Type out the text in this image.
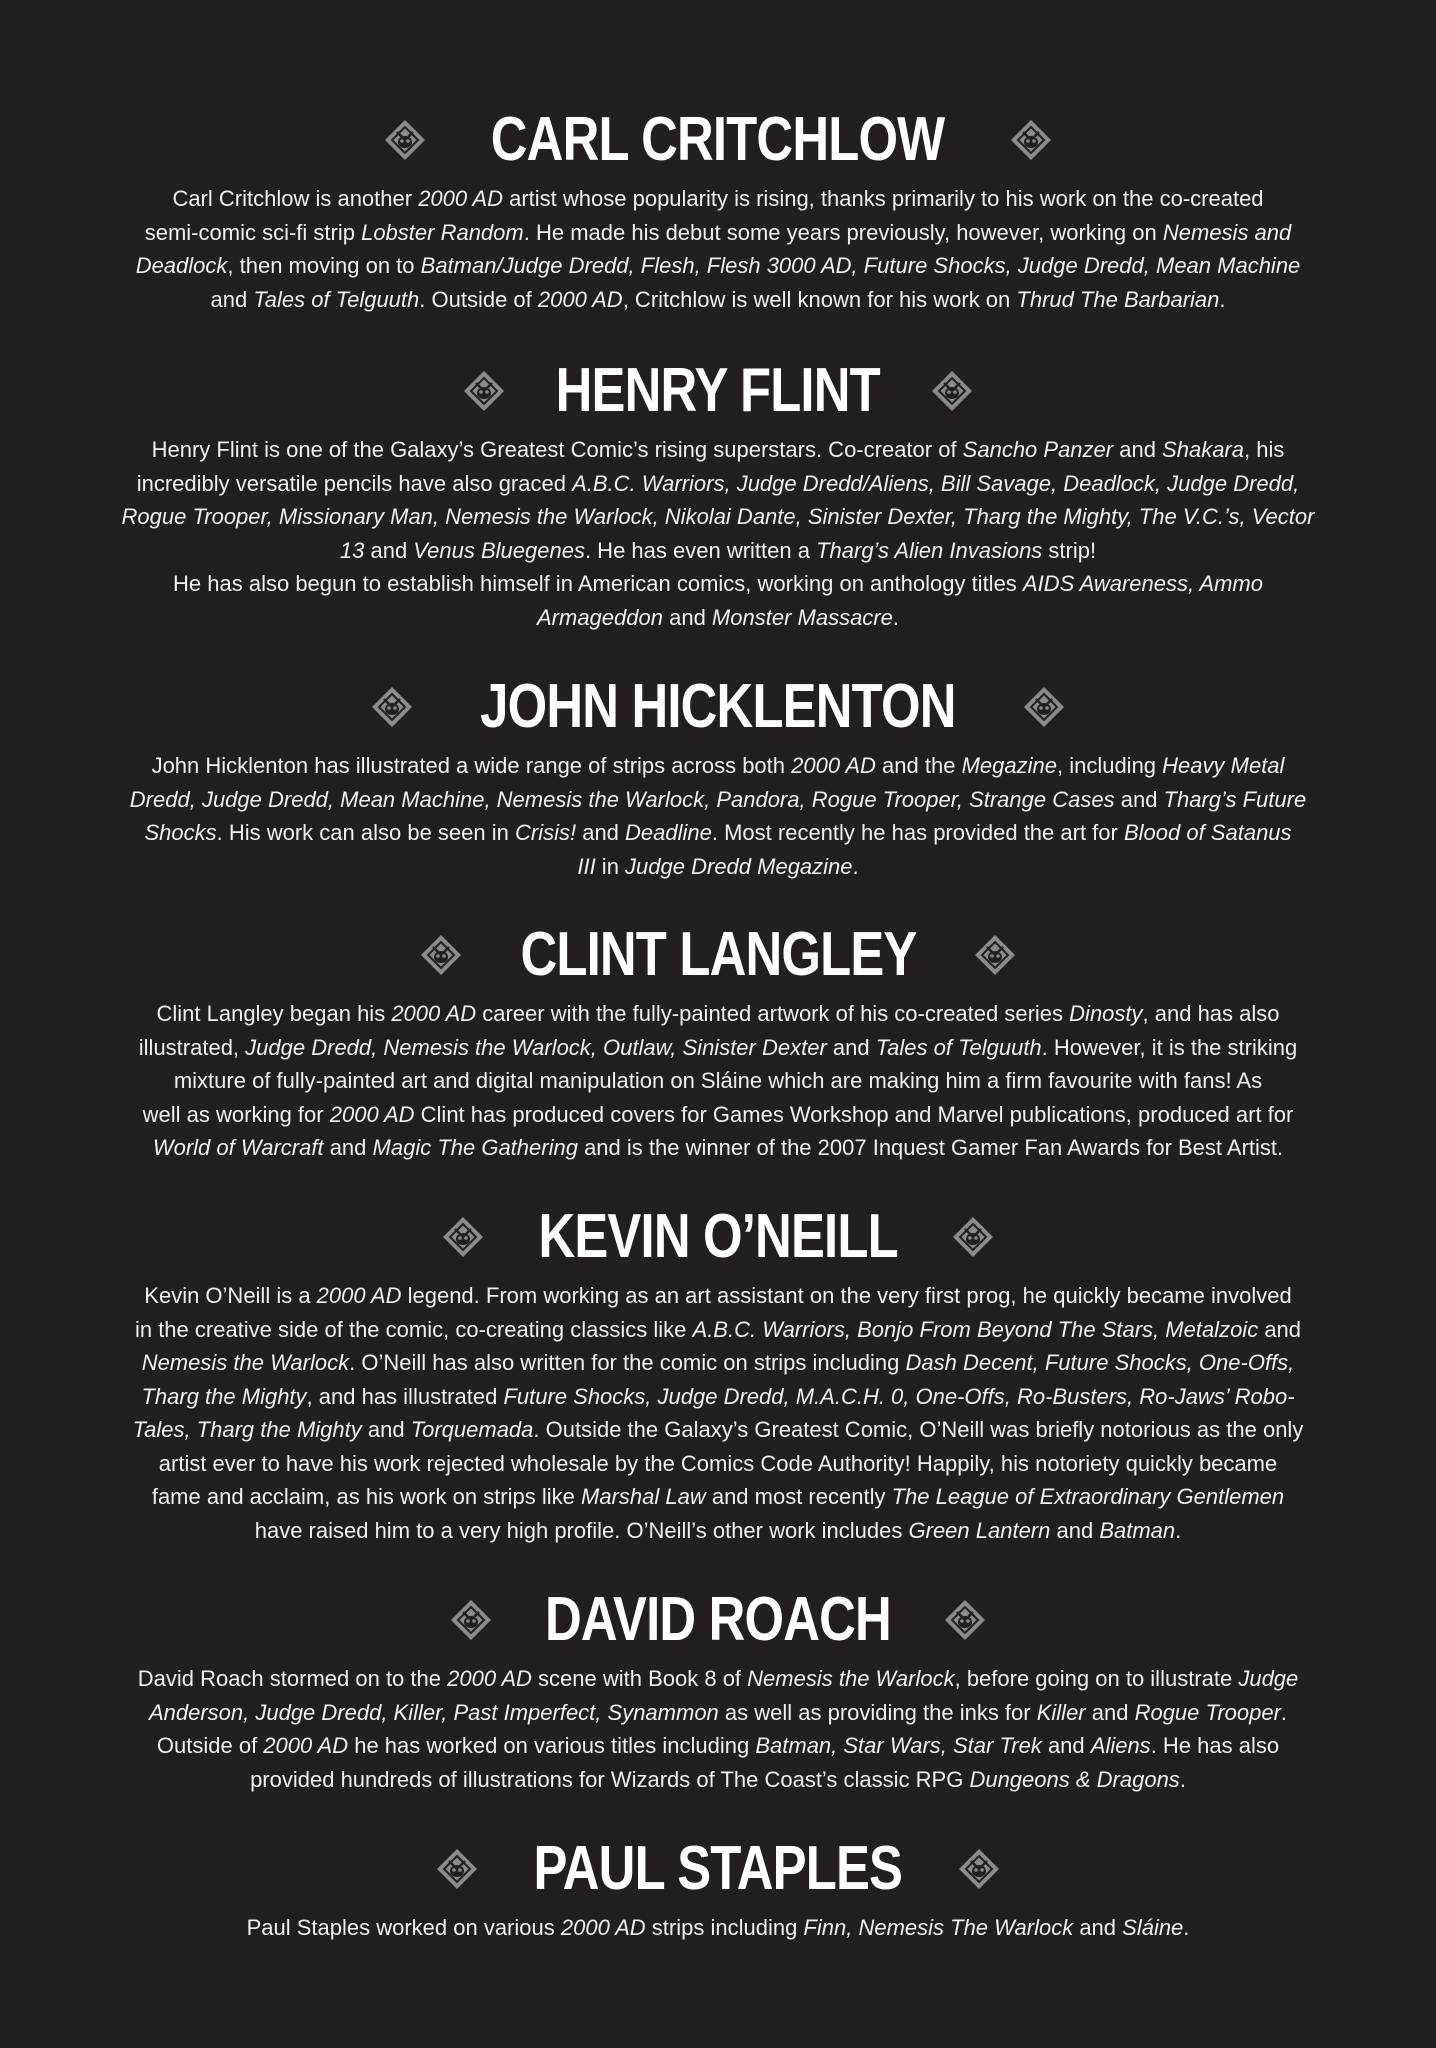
CARL CRITCHLOW
Carl Critchlow is another 2000 AD artist whose popularity is rising, thanks primarily to his work on the co-created
semi-comic sci-fi strip Lobster Random. He made his debut some years previously, however, working on Nemesis and
Deadlock, then moving on to Batman/Judge Dredd, Flesh, Flesh 3000 AD, Future Shocks, Judge Dredd, Mean Machine
and Tales of Telguuth. Outside of 2000 AD, Critchlow is well known for his work on Thrud The Barbarian.
HENRY FLINT
Henry Flint is one of the Galaxy’s Greatest Comic’s rising superstars. Co-creator of Sancho Panzer and Shakara, his
incredibly versatile pencils have also graced A.B.C. Warriors, Judge Dredd/Aliens, Bill Savage, Deadlock, Judge Dredd,
Rogue Trooper, Missionary Man, Nemesis the Warlock, Nikolai Dante, Sinister Dexter, Tharg the Mighty, The V.C.’s, Vector
13 and Venus Bluegenes. He has even written a Tharg’s Alien Invasions strip!
He has also begun to establish himself in American comics, working on anthology titles AIDS Awareness, Ammo
Armageddon and Monster Massacre.
JOHN HICKLENTON
John Hicklenton has illustrated a wide range of strips across both 2000 AD and the Megazine, including Heavy Metal
Dredd, Judge Dredd, Mean Machine, Nemesis the Warlock, Pandora, Rogue Trooper, Strange Cases and Tharg’s Future
Shocks. His work can also be seen in Crisis! and Deadline. Most recently he has provided the art for Blood of Satanus
III in Judge Dredd Megazine.
CLINT LANGLEY
Clint Langley began his 2000 AD career with the fully-painted artwork of his co-created series Dinosty, and has also
illustrated, Judge Dredd, Nemesis the Warlock, Outlaw, Sinister Dexter and Tales of Telguuth. However, it is the striking
mixture of fully-painted art and digital manipulation on Sláine which are making him a firm favourite with fans! As
well as working for 2000 AD Clint has produced covers for Games Workshop and Marvel publications, produced art for
World of Warcraft and Magic The Gathering and is the winner of the 2007 Inquest Gamer Fan Awards for Best Artist.
KEVIN O’NEILL
Kevin O’Neill is a 2000 AD legend. From working as an art assistant on the very first prog, he quickly became involved
in the creative side of the comic, co-creating classics like A.B.C. Warriors, Bonjo From Beyond The Stars, Metalzoic and
Nemesis the Warlock. O’Neill has also written for the comic on strips including Dash Decent, Future Shocks, One-Offs,
Tharg the Mighty, and has illustrated Future Shocks, Judge Dredd, M.A.C.H. 0, One-Offs, Ro-Busters, Ro-Jaws’ Robo-
Tales, Tharg the Mighty and Torquemada. Outside the Galaxy’s Greatest Comic, O’Neill was briefly notorious as the only
artist ever to have his work rejected wholesale by the Comics Code Authority! Happily, his notoriety quickly became
fame and acclaim, as his work on strips like Marshal Law and most recently The League of Extraordinary Gentlemen
have raised him to a very high profile. O’Neill’s other work includes Green Lantern and Batman.
DAVID ROACH
David Roach stormed on to the 2000 AD scene with Book 8 of Nemesis the Warlock, before going on to illustrate Judge
Anderson, Judge Dredd, Killer, Past Imperfect, Synammon as well as providing the inks for Killer and Rogue Trooper.
Outside of 2000 AD he has worked on various titles including Batman, Star Wars, Star Trek and Aliens. He has also
provided hundreds of illustrations for Wizards of The Coast’s classic RPG Dungeons & Dragons.
PAUL STAPLES
Paul Staples worked on various 2000 AD strips including Finn, Nemesis The Warlock and Sláine.
